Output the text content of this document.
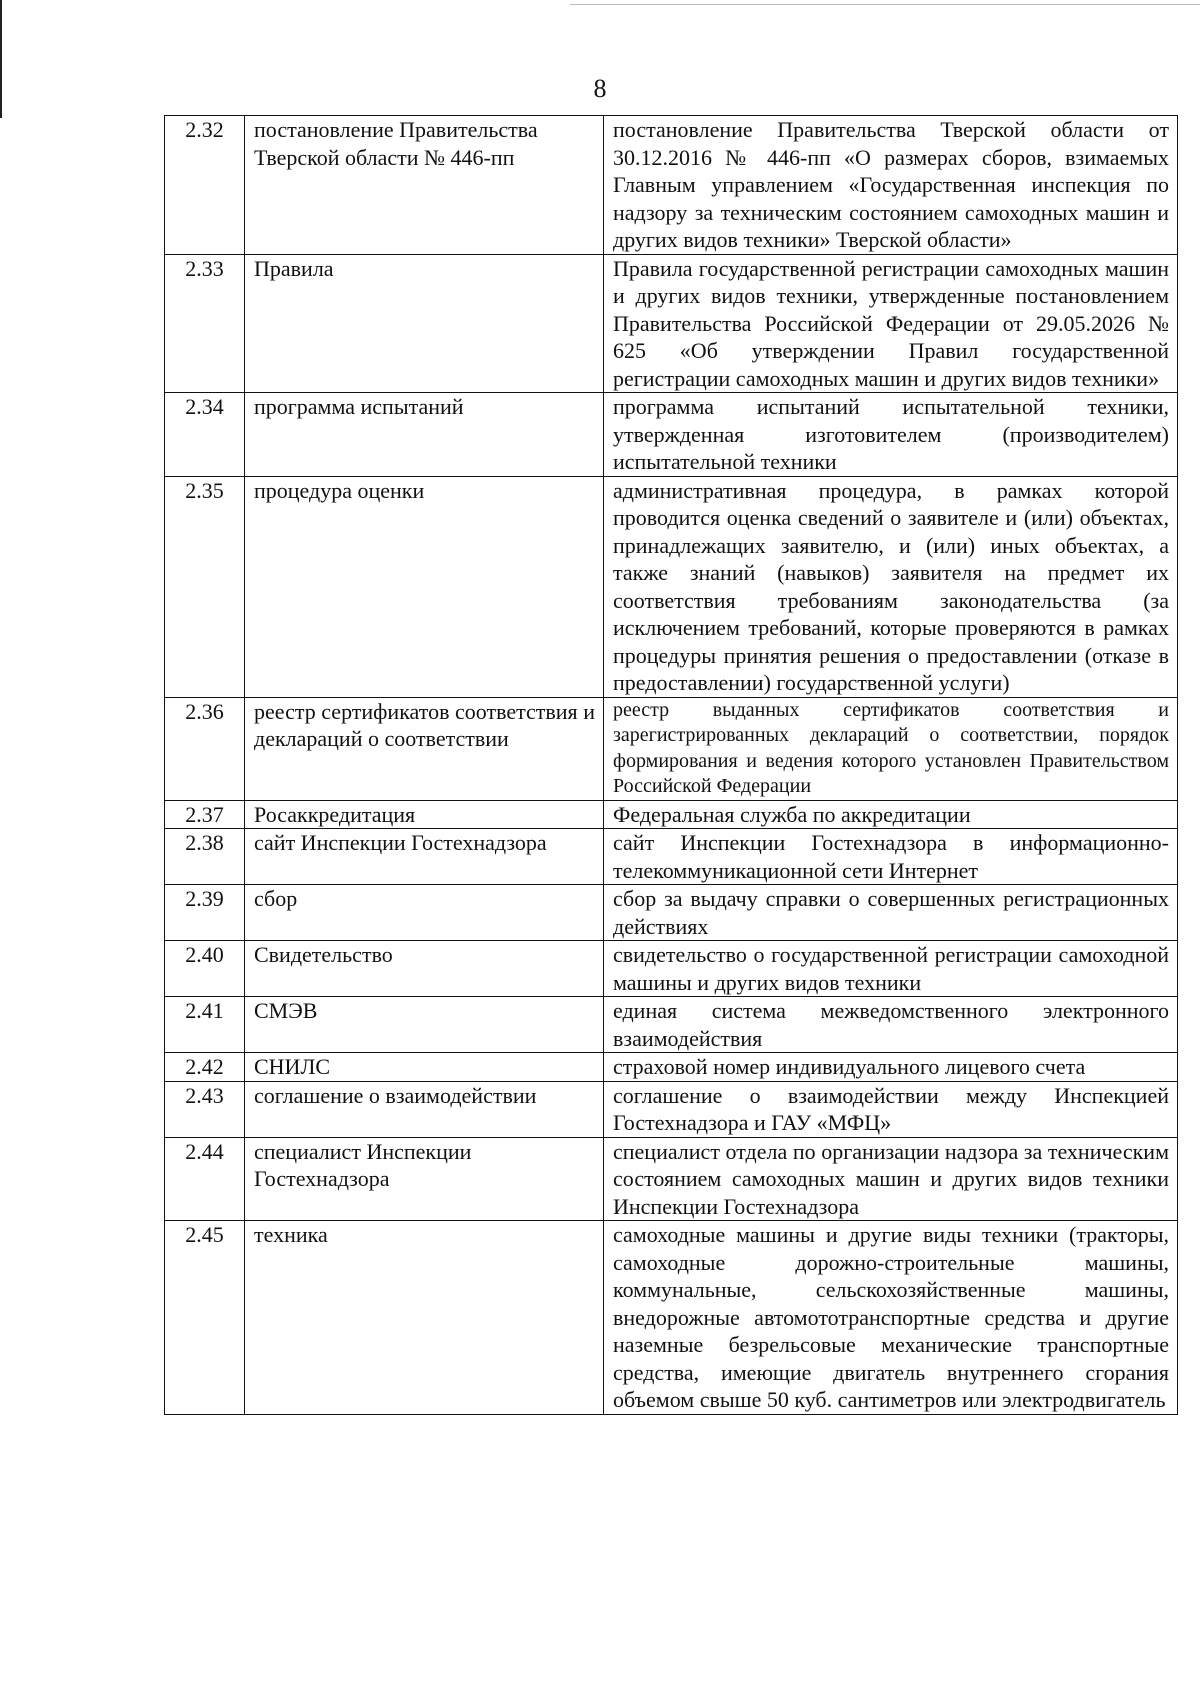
8
2.32	постановление Правительства Тверской области № 446-пп	постановление Правительства Тверской области от 30.12.2016 № 446-пп «О размерах сборов, взимаемых Главным управлением «Государственная инспекция по надзору за техническим состоянием самоходных машин и других видов техники» Тверской области»
2.33	Правила	Правила государственной регистрации самоходных машин и других видов техники, утвержденные постановлением Правительства Российской Федерации от 29.05.2026 № 625 «Об утверждении Правил государственной регистрации самоходных машин и других видов техники»
2.34	программа испытаний	программа испытаний испытательной техники, утвержденная изготовителем (производителем) испытательной техники
2.35	процедура оценки	административная процедура, в рамках которой проводится оценка сведений о заявителе и (или) объектах, принадлежащих заявителю, и (или) иных объектах, а также знаний (навыков) заявителя на предмет их соответствия требованиям законодательства (за исключением требований, которые проверяются в рамках процедуры принятия решения о предоставлении (отказе в предоставлении) государственной услуги)
2.36	реестр сертификатов соответствия и деклараций о соответствии	реестр выданных сертификатов соответствия и зарегистрированных деклараций о соответствии, порядок формирования и ведения которого установлен Правительством Российской Федерации
2.37	Росаккредитация	Федеральная служба по аккредитации
2.38	сайт Инспекции Гостехнадзора	сайт Инспекции Гостехнадзора в информационно-телекоммуникационной сети Интернет
2.39	сбор	сбор за выдачу справки о совершенных регистрационных действиях
2.40	Свидетельство	свидетельство о государственной регистрации самоходной машины и других видов техники
2.41	СМЭВ	единая система межведомственного электронного взаимодействия
2.42	СНИЛС	страховой номер индивидуального лицевого счета
2.43	соглашение о взаимодействии	соглашение о взаимодействии между Инспекцией Гостехнадзора и ГАУ «МФЦ»
2.44	специалист Инспекции Гостехнадзора	специалист отдела по организации надзора за техническим состоянием самоходных машин и других видов техники Инспекции Гостехнадзора
2.45	техника	самоходные машины и другие виды техники (тракторы, самоходные дорожно-строительные машины, коммунальные, сельскохозяйственные машины, внедорожные автомототранспортные средства и другие наземные безрельсовые механические транспортные средства, имеющие двигатель внутреннего сгорания объемом свыше 50 куб. сантиметров или электродвигатель
